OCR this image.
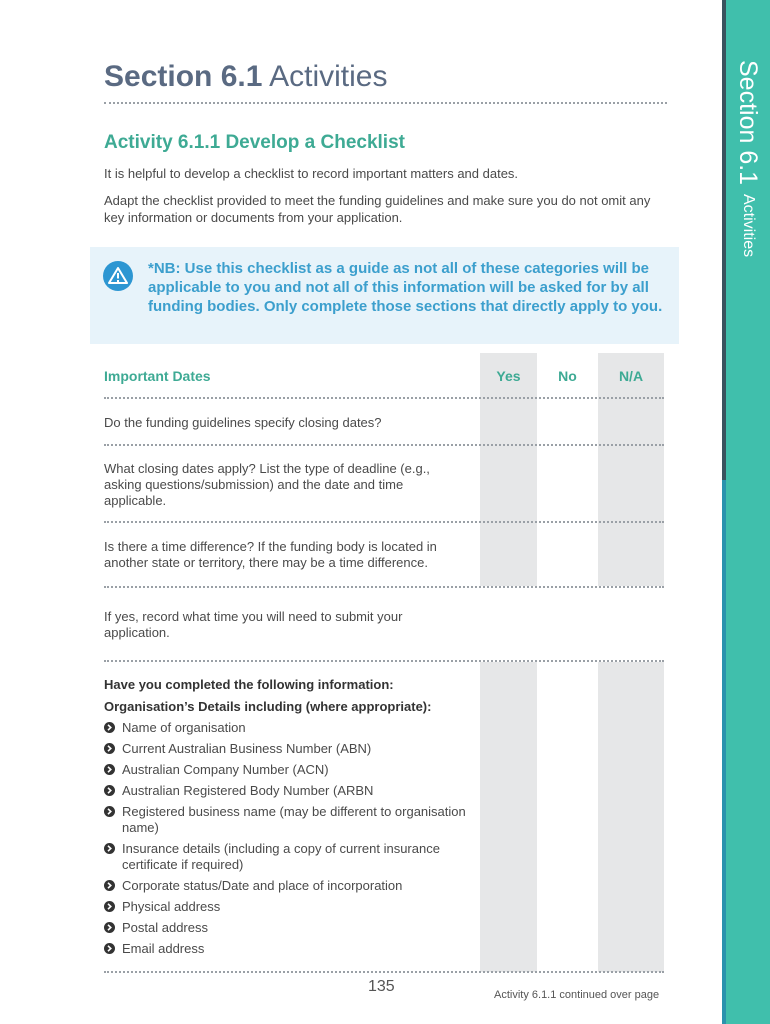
Section 6.1 Activities
Section 6.1 Activities
Activity 6.1.1 Develop a Checklist

It is helpful to develop a checklist to record important matters and dates.

Adapt the checklist provided to meet the funding guidelines and make sure you do not omit any key information or documents from your application.

*NB: Use this checklist as a guide as not all of these categories will be applicable to you and not all of this information will be asked for by all funding bodies. Only complete those sections that directly apply to you.
Important Dates	Yes	No	N/A

Do the funding guidelines specify closing dates?

What closing dates apply? List the type of deadline (e.g., asking questions/submission) and the date and time applicable.

Is there a time difference? If the funding body is located in another state or territory, there may be a time difference.

If yes, record what time you will need to submit your application.

Have you completed the following information:

Organisation’s Details including (where appropriate):

Name of organisation
Current Australian Business Number (ABN)
Australian Company Number (ACN)
Australian Registered Body Number (ARBN
Registered business name (may be different to organisation name)
Insurance details (including a copy of current insurance certificate if required)
Corporate status/Date and place of incorporation
Physical address
Postal address
Email address
135	Activity 6.1.1 continued over page
